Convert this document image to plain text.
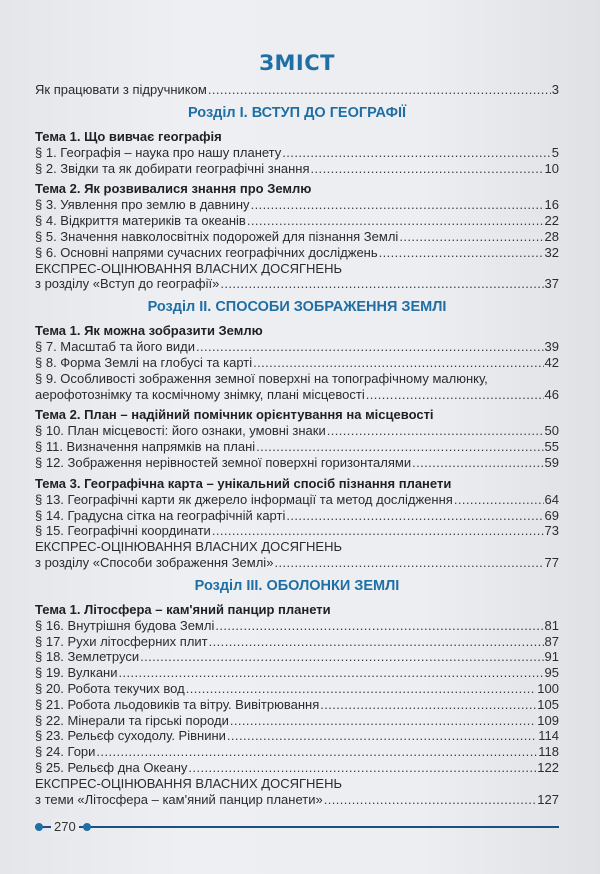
ЗМІСТ
Як працювати з підручником .....	3
Розділ I. ВСТУП ДО ГЕОГРАФІЇ
Тема 1. Що вивчає географія
§ 1. Географія – наука про нашу планету .....	5
§ 2. Звідки та як добирати географічні знання .....	10
Тема 2. Як розвивалися знання про Землю
§ 3. Уявлення про землю в давнину .....	16
§ 4. Відкриття материків та океанів .....	22
§ 5. Значення навколосвітніх подорожей для пізнання Землі .....	28
§ 6. Основні напрями сучасних географічних досліджень .....	32
ЕКСПРЕС-ОЦІНЮВАННЯ ВЛАСНИХ ДОСЯГНЕНЬ
з розділу «Вступ до географії» .....	37
Розділ II. СПОСОБИ ЗОБРАЖЕННЯ ЗЕМЛІ
Тема 1. Як можна зобразити Землю
§ 7. Масштаб та його види .....	39
§ 8. Форма Землі на глобусі та карті .....	42
§ 9. Особливості зображення земної поверхні на топографічному малюнку,
аерофотознімку та космічному знімку, плані місцевості .....	46
Тема 2. План – надійний помічник орієнтування на місцевості
§ 10. План місцевості: його ознаки, умовні знаки .....	50
§ 11. Визначення напрямків на плані .....	55
§ 12. Зображення нерівностей земної поверхні горизонталями .....	59
Тема 3. Географічна карта – унікальний спосіб пізнання планети
§ 13. Географічні карти як джерело інформації та метод дослідження .....	64
§ 14. Градусна сітка на географічній карті .....	69
§ 15. Географічні координати .....	73
ЕКСПРЕС-ОЦІНЮВАННЯ ВЛАСНИХ ДОСЯГНЕНЬ
з розділу «Способи зображення Землі» .....	77
Розділ III. ОБОЛОНКИ ЗЕМЛІ
Тема 1. Літосфера – кам'яний панцир планети
§ 16. Внутрішня будова Землі .....	81
§ 17. Рухи літосферних плит .....	87
§ 18. Землетруси .....	91
§ 19. Вулкани .....	95
§ 20. Робота текучих вод .....	100
§ 21. Робота льодовиків та вітру. Вивітрювання .....	105
§ 22. Мінерали та гірські породи .....	109
§ 23. Рельєф суходолу. Рівнини .....	114
§ 24. Гори .....	118
§ 25. Рельєф дна Океану .....	122
ЕКСПРЕС-ОЦІНЮВАННЯ ВЛАСНИХ ДОСЯГНЕНЬ
з теми «Літосфера – кам'яний панцир планети» .....	127
270
